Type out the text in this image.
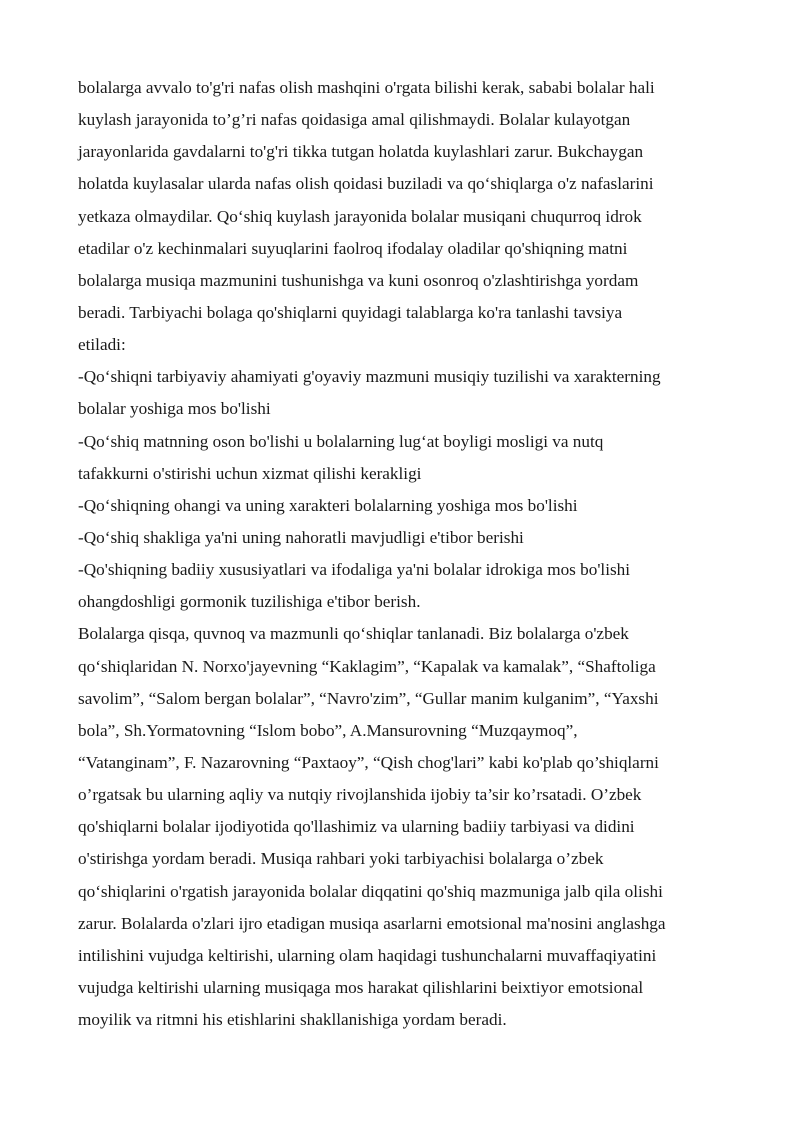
bolalarga avvalo to'g'ri nafas olish mashqini o'rgata bilishi kerak, sababi bolalar hali
kuylash jarayonida to’g’ri nafas qoidasiga amal qilishmaydi. Bolalar kulayotgan
jarayonlarida gavdalarni to'g'ri tikka tutgan holatda kuylashlari zarur. Bukchaygan
holatda kuylasalar ularda nafas olish qoidasi buziladi va qo‘shiqlarga o'z nafaslarini
yetkaza olmaydilar. Qo‘shiq kuylash jarayonida bolalar musiqani chuqurroq idrok
etadilar o'z kechinmalari suyuqlarini faolroq ifodalay oladilar qo'shiqning matni
bolalarga musiqa mazmunini tushunishga va kuni osonroq o'zlashtirishga yordam
beradi. Tarbiyachi bolaga qo'shiqlarni quyidagi talablarga ko'ra tanlashi tavsiya
etiladi:
-Qo‘shiqni tarbiyaviy ahamiyati g'oyaviy mazmuni musiqiy tuzilishi va xarakterning
bolalar yoshiga mos bo'lishi
-Qo‘shiq matnning oson bo'lishi u bolalarning lug‘at boyligi mosligi va nutq
tafakkurni o'stirishi uchun xizmat qilishi kerakligi
-Qo‘shiqning ohangi va uning xarakteri bolalarning yoshiga mos bo'lishi
-Qo‘shiq shakliga ya'ni uning nahoratli mavjudligi e'tibor berishi
-Qo'shiqning badiiy xususiyatlari va ifodaliga ya'ni bolalar idrokiga mos bo'lishi
ohangdoshligi gormonik tuzilishiga e'tibor berish.
Bolalarga qisqa, quvnoq va mazmunli qo‘shiqlar tanlanadi. Biz bolalarga o'zbek
qo‘shiqlaridan N. Norxo'jayevning “Kaklagim”, “Kapalak va kamalak”, “Shaftoliga
savolim”, “Salom bergan bolalar”, “Navro'zim”, “Gullar manim kulganim”, “Yaxshi
bola”, Sh.Yormatovning “Islom bobo”, A.Mansurovning “Muzqaymoq”,
“Vatanginam”, F. Nazarovning “Paxtaoy”, “Qish chog'lari” kabi ko'plab qo’shiqlarni
o’rgatsak bu ularning aqliy va nutqiy rivojlanshida ijobiy ta’sir ko’rsatadi. O’zbek
qo'shiqlarni bolalar ijodiyotida qo'llashimiz va ularning badiiy tarbiyasi va didini
o'stirishga yordam beradi. Musiqa rahbari yoki tarbiyachisi bolalarga o’zbek
qo‘shiqlarini o'rgatish jarayonida bolalar diqqatini qo'shiq mazmuniga jalb qila olishi
zarur. Bolalarda o'zlari ijro etadigan musiqa asarlarni emotsional ma'nosini anglashga
intilishini vujudga keltirishi, ularning olam haqidagi tushunchalarni muvaffaqiyatini
vujudga keltirishi ularning musiqaga mos harakat qilishlarini beixtiyor emotsional
moyilik va ritmni his etishlarini shakllanishiga yordam beradi.
